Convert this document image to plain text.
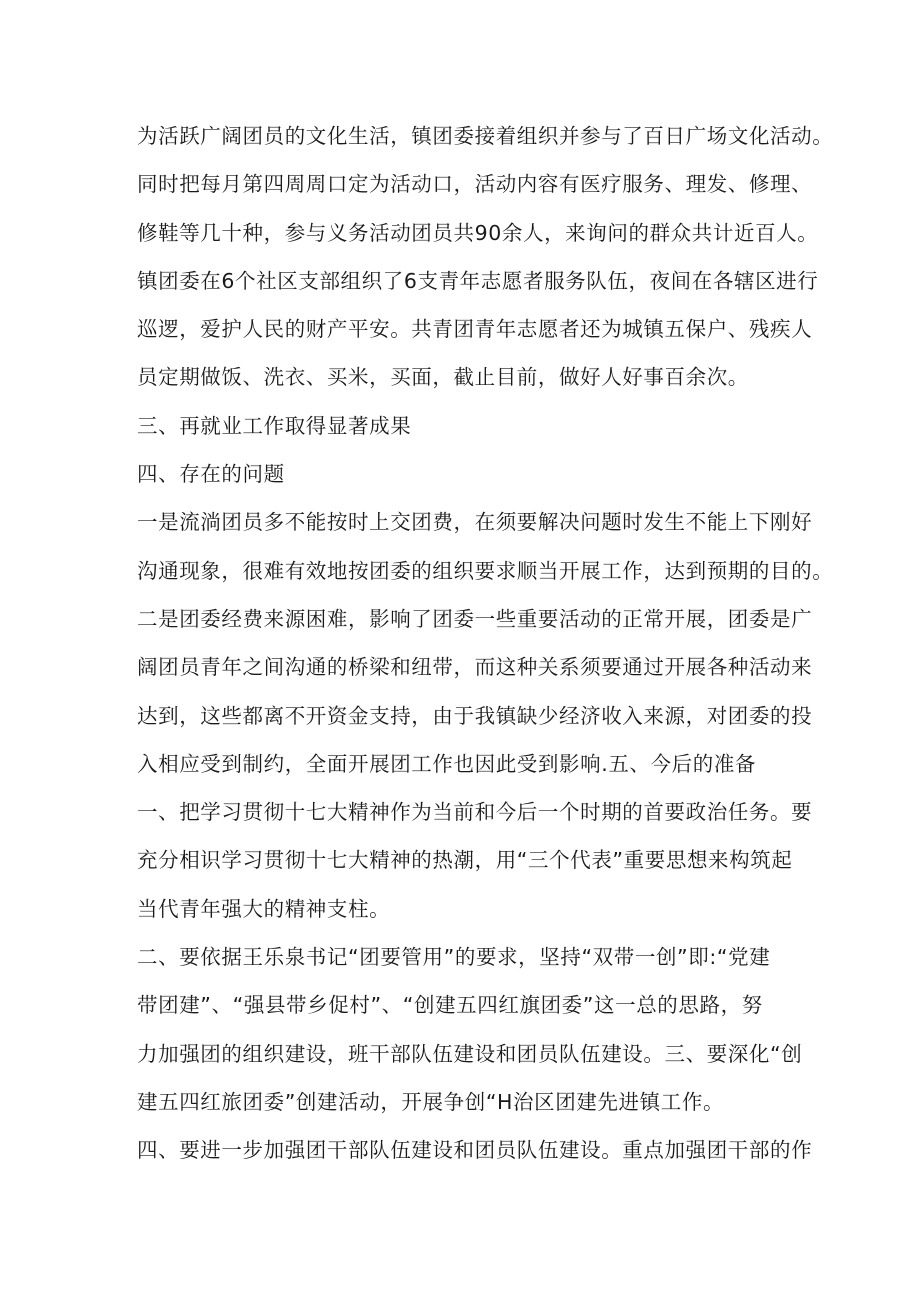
为活跃广阔团员的文化生活，镇团委接着组织并参与了百日广场文化活动。
同时把每月第四周周口定为活动口，活动内容有医疗服务、理发、修理、
修鞋等几十种，参与义务活动团员共90余人，来询问的群众共计近百人。
镇团委在6个社区支部组织了6支青年志愿者服务队伍，夜间在各辖区进行
巡逻，爱护人民的财产平安。共青团青年志愿者还为城镇五保户、残疾人
员定期做饭、洗衣、买米，买面，截止目前，做好人好事百余次。
三、再就业工作取得显著成果
四、存在的问题
一是流淌团员多不能按时上交团费，在须要解决问题时发生不能上下刚好
沟通现象，很难有效地按团委的组织要求顺当开展工作，达到预期的目的。
二是团委经费来源困难，影响了团委一些重要活动的正常开展，团委是广
阔团员青年之间沟通的桥梁和纽带，而这种关系须要通过开展各种活动来
达到，这些都离不开资金支持，由于我镇缺少经济收入来源，对团委的投
入相应受到制约，全面开展团工作也因此受到影响.五、今后的准备
一、把学习贯彻十七大精神作为当前和今后一个时期的首要政治任务。要
充分相识学习贯彻十七大精神的热潮，用“三个代表”重要思想来构筑起
当代青年强大的精神支柱。
二、要依据王乐泉书记“团要管用”的要求，坚持“双带一创”即:“党建
带团建”、“强县带乡促村”、“创建五四红旗团委”这一总的思路，努
力加强团的组织建设，班干部队伍建设和团员队伍建设。三、要深化“创
建五四红旅团委”创建活动，开展争创“H治区团建先进镇工作。
四、要进一步加强团干部队伍建设和团员队伍建设。重点加强团干部的作
